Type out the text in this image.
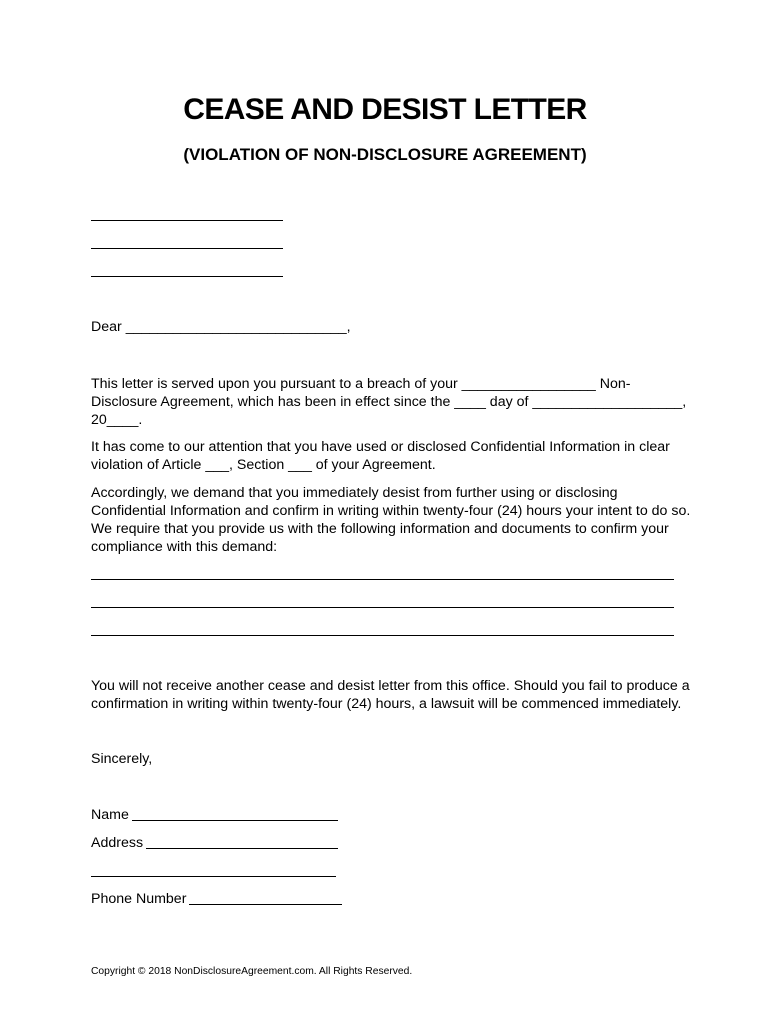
CEASE AND DESIST LETTER
(VIOLATION OF NON-DISCLOSURE AGREEMENT)
Dear ____________________________,
This letter is served upon you pursuant to a breach of your _________________ Non-
Disclosure Agreement, which has been in effect since the ____ day of ___________________,
20____.
It has come to our attention that you have used or disclosed Confidential Information in clear
violation of Article ___, Section ___ of your Agreement.
Accordingly, we demand that you immediately desist from further using or disclosing
Confidential Information and confirm in writing within twenty-four (24) hours your intent to do so.
We require that you provide us with the following information and documents to confirm your
compliance with this demand:
You will not receive another cease and desist letter from this office. Should you fail to produce a
confirmation in writing within twenty-four (24) hours, a lawsuit will be commenced immediately.
Sincerely,
Name
Address
Phone Number
Copyright © 2018 NonDisclosureAgreement.com. All Rights Reserved.
